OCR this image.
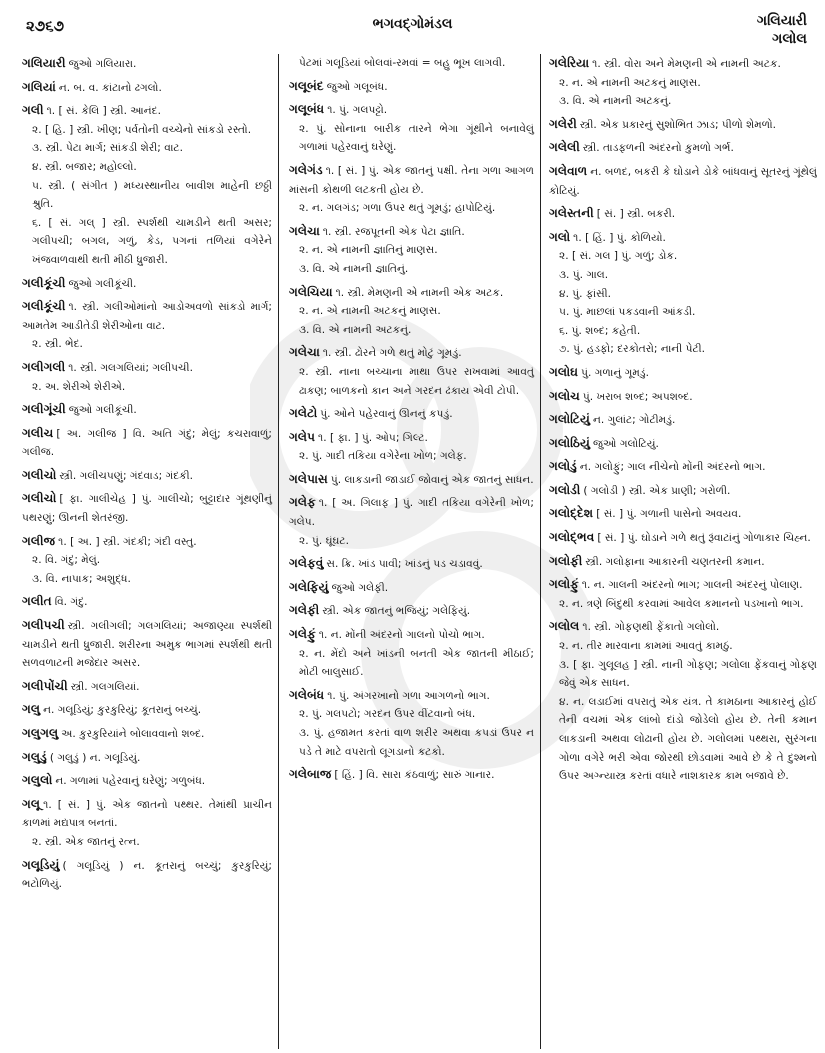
૨૭૬૭	ભગવદ્ગોમંડલ	ગલિયારી
ગલોલ
ગલિયારી જુઓ ગલિયારા.
ગલિયાં ન. બ. વ. કાંટાનો ઢગલો.
ગલી ૧. [ સં. કેલિ ] સ્ત્રી. આનંદ.
૨. [ હિ. ] સ્ત્રી. ખીણ; પર્વતોની વચ્ચેનો સાંકડો રસ્તો.
૩. સ્ત્રી. પેટા માર્ગ; સાંકડી શેરી; વાટ.
૪. સ્ત્રી. બજાર; મહોલ્લો.
૫. સ્ત્રી. ( સંગીત ) મધ્યસ્થાનીય બાવીશ માહેની છઠ્ઠી શ્રુતિ.
૬. [ સં. ગલ્ ] સ્ત્રી. સ્પર્શથી ચામડીને થતી અસર; ગલીપચી; બગલ, ગળું, કેડ, પગનાં તળિયાં વગેરેને ખંજવાળવાથી થતી મીઠી ધ્રુજારી.
ગલીકૂંચી જુઓ ગલીકૂંચી.
ગલીકૂંચી ૧. સ્ત્રી. ગલીઓમાંનો આડોઅવળો સાંકડો માર્ગ; આમતેમ આડીતેડી શેરીઓના વાટ.
૨. સ્ત્રી. ભેદ.
ગલીગલી ૧. સ્ત્રી. ગલગલિયાં; ગલીપચી.
૨. અ. શેરીએ શેરીએ.
ગલીગૂંચી જુઓ ગલીકૂંચી.
ગલીચ [ અ. ગલીજ ] વિ. અતિ ગંદું; મેલું; કચરાવાળું; ગલીજ.
ગલીચો સ્ત્રી. ગલીચપણું; ગંદવાડ; ગંદકી.
ગલીચો [ ફા. ગાલીચેહ ] પું. ગાલીચો; બુટ્ટાદાર ગૂંથણીનું પથરણું; ઊનની શેતરંજી.
ગલીજ ૧. [ અ. ] સ્ત્રી. ગંદકી; ગંદી વસ્તુ.
૨. વિ. ગંદું; મેલું.
૩. વિ. નાપાક; અશુદ્ધ.
ગલીત વિ. ગંદું.
ગલીપચી સ્ત્રી. ગલીગલી; ગલગલિયાં; અજાણ્યા સ્પર્શથી ચામડીને થતી ધ્રુજારી. શરીરના અમુક ભાગમાં સ્પર્શથી થતી સળવળાટની મજેદાર અસર.
ગલીપોંચી સ્ત્રી. ગલગલિયાં.
ગલુ ન. ગલૂડિયું; કુરકુરિયું; કૂતરાનું બચ્ચું.
ગલુગલુ અ. કુરકુરિયાંને બોલાવવાનો શબ્દ.
ગલુડું ( ગલુડું ) ન. ગલૂડિયું.
ગલુલો ન. ગળામાં પહેરવાનું ઘરેણું; ગળુબંધ.
ગલૂ ૧. [ સં. ] પું. એક જાતનો પથ્થર. તેમાંથી પ્રાચીન કાળમાં મદ્યપાત્ર બનતાં.
૨. સ્ત્રી. એક જાતનું રત્ન.
ગલૂડિયું ( ગલૂડિયું ) ન. કૂતરાનું બચ્ચું; કુરકુરિયું; ભટોળિયું.
પેટમાં ગલૂડિયાં બોલવાં-રમવાં = બહુ ભૂખ લાગવી.
ગલૂબંદ જુઓ ગલૂબંધ.
ગલૂબંધ ૧. પું. ગલપટ્ટો.
૨. પું. સોનાના બારીક તારને ભેગા ગૂંથીને બનાવેલું ગળામાં પહેરવાનું ઘરેણું.
ગલેગંડ ૧. [ સં. ] પું. એક જાતનું પક્ષી. તેના ગળા આગળ માંસની કોથળી લટકતી હોય છે.
૨. ન. ગલગંડ; ગળા ઉપર થતું ગૂમડું; હાપોટિયું.
ગલેચા ૧. સ્ત્રી. રજપૂતની એક પેટા જ્ઞાતિ.
૨. ન. એ નામની જ્ઞાતિનું માણસ.
૩. વિ. એ નામની જ્ઞાતિનું.
ગલેચિયા ૧. સ્ત્રી. મેમણની એ નામની એક અટક.
૨. ન. એ નામની અટકનું માણસ.
૩. વિ. એ નામની અટકનું.
ગલેચા ૧. સ્ત્રી. ઢોરને ગળે થતું મોટું ગૂમડું.
૨. સ્ત્રી. નાના બચ્ચાના માથા ઉપર રાખવામાં આવતું ઢાકણ; બાળકનો કાન અને ગરદન ઢંકાય એવી ટોપી.
ગલેટો પું. ઓને પહેરવાનું ઊનનું કપડું.
ગલેપ ૧. [ ફા. ] પું. ઓપ; ગિલ્ટ.
૨. પું. ગાદી તકિયા વગેરેના ખોળ; ગલેફ.
ગલેપાસ પું. લાકડાની જાડાઈ જોવાનું એક જાતનું સાધન.
ગલેફ ૧. [ અ. ગિલાફ ] પું. ગાદી તકિયા વગેરેની ખોળ; ગલેપ.
૨. પું. ઘૂંઘટ.
ગલેફવું સ. ક્રિ. ખાંડ પાવી; ખાંડનું પડ ચડાવવું.
ગલેફિયું જુઓ ગલેફી.
ગલેફી સ્ત્રી. એક જાતનું ભજિયું; ગલેફિયું.
ગલેફું ૧. ન. મોંની અંદરનો ગાલનો પોચો ભાગ.
૨. ન. મેંદો અને ખાંડની બનતી એક જાતની મીઠાઈ; મોટી બાલુસાઈ.
ગલેબંધ ૧. પું. અંગરખાનો ગળા આગળનો ભાગ.
૨. પું. ગલપટો; ગરદન ઉપર વીંટવાનો બંધ.
૩. પું. હજામત કરતાં વાળ શરીર અથવા કપડાં ઉપર ન પડે તે માટે વપરાતો લૂગડાનો કટકો.
ગલેબાજ [ હિં. ] વિ. સારા કંઠવાળું; સારું ગાનાર.
ગલેરિયા ૧. સ્ત્રી. વોરા અને મેમણની એ નામની અટક.
૨. ન. એ નામની અટકનું માણસ.
૩. વિ. એ નામની અટકનું.
ગલેરી સ્ત્રી. એક પ્રકારનું સુશોભિત ઝાડ; પીળો શેમળો.
ગલેલી સ્ત્રી. તાડફળની અંદરનો કુમળો ગર્ભ.
ગલેવાળ ન. બળદ, બકરી કે ઘોડાને ડોકે બાંધવાનું સૂતરનું ગૂંથેલું કોટિયું.
ગલેસ્તની [ સં. ] સ્ત્રી. બકરી.
ગલો ૧. [ હિં. ] પું. કોળિયો.
૨. [ સં. ગલ ] પું. ગળું; ડોક.
૩. પું. ગાલ.
૪. પું. ફાંસી.
૫. પું. માછલાં પકડવાની આંકડી.
૬. પું. શબ્દ; કહેતી.
૭. પું. હડફો; દરકોતરો; નાની પેટી.
ગલોઘ પું. ગળાનું ગૂમડું.
ગલોચ પું. ખરાબ શબ્દ; અપશબ્દ.
ગલોટિયું ન. ગુલાંટ; ગોટીમડું.
ગલોઠિયું જુઓ ગલોટિયું.
ગલોડું ન. ગલોફું; ગાલ નીચેનો મોંની અંદરનો ભાગ.
ગલોડી ( ગલોડી ) સ્ત્રી. એક પ્રાણી; ગરોળી.
ગલોદ્દેશ [ સં. ] પું. ગળાની પાસેનો અવયવ.
ગલોદ્ભવ [ સં. ] પું. ઘોડાને ગળે થતું રૂંવાટાંનું ગોળાકાર ચિહ્ન.
ગલોફી સ્ત્રી. ગલોફાના આકારની ચણતરની કમાન.
ગલોફું ૧. ન. ગાલની અંદરનો ભાગ; ગાલની અંદરનું પોલાણ.
૨. ન. ત્રણે બિંદુથી કરવામાં આવેલ કમાનનો પડખાનો ભાગ.
ગલોલ ૧. સ્ત્રી. ગોફણથી ફેંકાતો ગલોલો.
૨. ન. તીર મારવાના કામમાં આવતું કામઠું.
૩. [ ફા. ગુલૂલહ ] સ્ત્રી. નાની ગોફણ; ગલોલા ફેંકવાનું ગોફણ જેવું એક સાધન.
૪. ન. લડાઈમાં વપરાતું એક યંત્ર. તે કામઠાના આકારનું હોઈ તેની વચમાં એક લાંબો દાંડો જોડેલો હોય છે. તેની કમાન લાકડાની અથવા લોઢાની હોય છે. ગલોલમાં પથ્થરા, સુરંગના ગોળા વગેરે ભરી એવા જોરથી છોડવામાં આવે છે કે તે દુશ્મનો ઉપર અગ્ન્યાસ્ત્ર કરતાં વધારે નાશકારક કામ બજાવે છે.
